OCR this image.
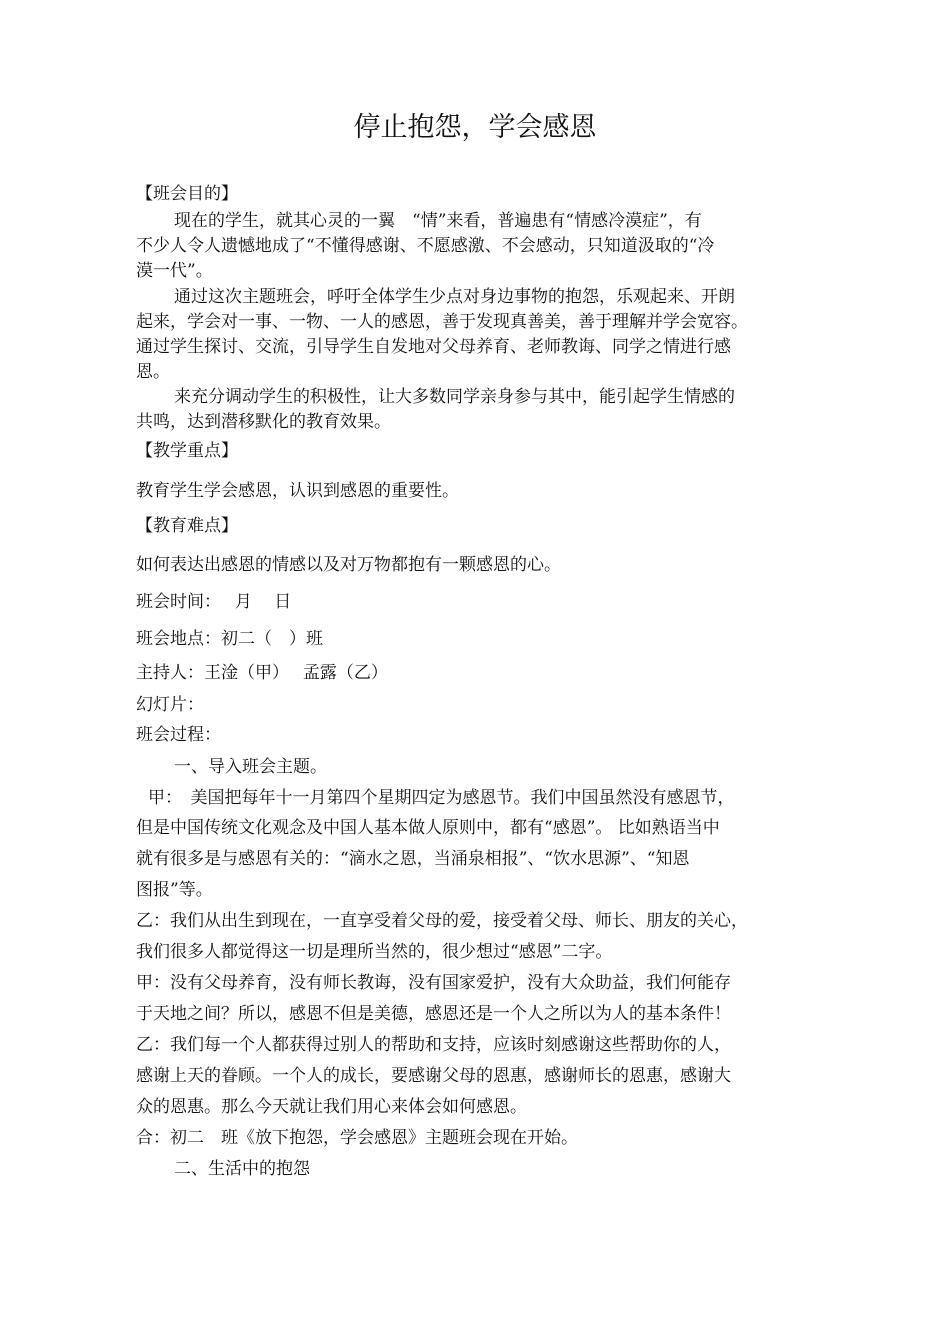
停止抱怨，学会感恩
【班会目的】
现在的学生，就其心灵的一翼　“情”来看，普遍患有“情感冷漠症”，有
不少人令人遗憾地成了“不懂得感谢、不愿感激、不会感动，只知道汲取的“冷
漠一代”。
通过这次主题班会，呼吁全体学生少点对身边事物的抱怨，乐观起来、开朗
起来，学会对一事、一物、一人的感恩，善于发现真善美，善于理解并学会宽容。
通过学生探讨、交流，引导学生自发地对父母养育、老师教诲、同学之情进行感
恩。
来充分调动学生的积极性，让大多数同学亲身参与其中，能引起学生情感的
共鸣，达到潜移默化的教育效果。
【教学重点】
教育学生学会感恩，认识到感恩的重要性。
【教育难点】
如何表达出感恩的情感以及对万物都抱有一颗感恩的心。
班会时间：　 月　 日
班会地点：初二（　）班
主持人：王淦（甲）　 孟露（乙）
幻灯片：
班会过程：
一、导入班会主题。
甲：　美国把每年十一月第四个星期四定为感恩节。我们中国虽然没有感恩节，
但是中国传统文化观念及中国人基本做人原则中，都有“感恩”。 比如熟语当中
就有很多是与感恩有关的：“滴水之恩，当涌泉相报”、“饮水思源”、“知恩
图报”等。
乙：我们从出生到现在，一直享受着父母的爱，接受着父母、师长、朋友的关心，
我们很多人都觉得这一切是理所当然的，很少想过“感恩”二字。
甲：没有父母养育，没有师长教诲，没有国家爱护，没有大众助益，我们何能存
于天地之间？所以，感恩不但是美德，感恩还是一个人之所以为人的基本条件！
乙：我们每一个人都获得过别人的帮助和支持，应该时刻感谢这些帮助你的人，
感谢上天的眷顾。一个人的成长，要感谢父母的恩惠，感谢师长的恩惠，感谢大
众的恩惠。那么今天就让我们用心来体会如何感恩。
合：初二　班《放下抱怨，学会感恩》主题班会现在开始。
二、生活中的抱怨
